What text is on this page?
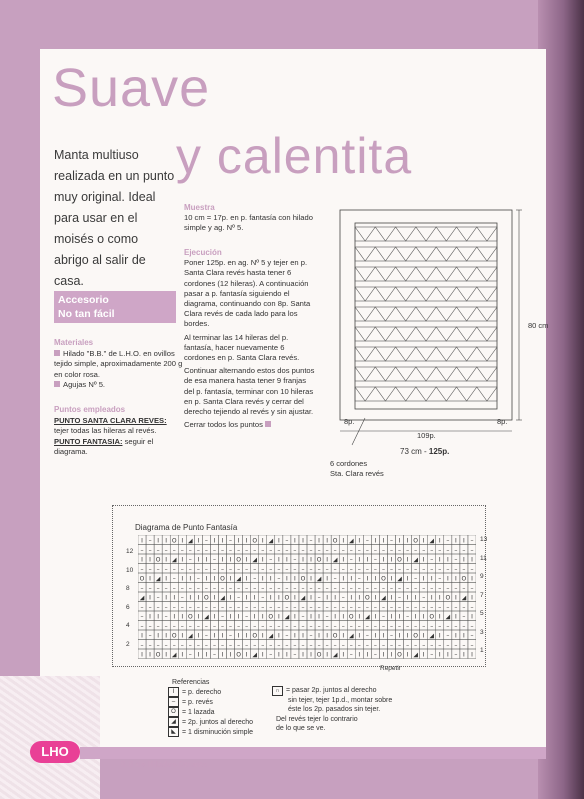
Suave
y calentita
Manta multiuso realizada en un punto muy original. Ideal para usar en el moisés o como abrigo al salir de casa.
Accesorio
No tan fácil
Materiales
Hilado "B.B." de L.H.O. en ovillos tejido simple, aproximadamente 200 g en color rosa.
Agujas Nº 5.
Puntos empleados
PUNTO SANTA CLARA REVES:
tejer todas las hileras al revés.
PUNTO FANTASIA: seguir el diagrama.
Muestra

10 cm = 17p. en p. fantasía con hilado simple y ag. Nº 5.

Ejecución

Poner 125p. en ag. Nº 5 y tejer en p. Santa Clara revés hasta tener 6 cordones (12 hileras). A continuación pasar a p. fantasía siguiendo el diagrama, continuando con 8p. Santa Clara revés de cada lado para los bordes.

Al terminar las 14 hileras del p. fantasía, hacer nuevamente 6 cordones en p. Santa Clara revés.

Continuar alternando estos dos puntos de esa manera hasta tener 9 franjas del p. fantasía, terminar con 10 hileras en p. Santa Clara revés y cerrar del derecho tejiendo al revés y sin ajustar.

Cerrar todos los puntos

80 cm
8p.	8p.
109p.
73 cm - 125p.
6 cordones
Sta. Clara revés
Diagrama de Punto Fantasía
I – I I O I ◢ I – I I – I I O I ◢ I – I I – I I O I ◢ I – I I – I I O I ◢ I – I I –
– – – – – – – – – – – – – – – – – – – – – – – – – – – – – – – – – – – – – – – – – –
I I O I ◢ I – I I – I I O I ◢ I – I I – I I O I ◢ I – I I – I I O I ◢ I – I I – I I
– – – – – – – – – – – – – – – – – – – – – – – – – – – – – – – – – – – – – – – – – –
O I ◢ I – I I – I I O I ◢ I – I I – I I O I ◢ I – I I – I I O I ◢ I – I I – I I O I
– – – – – – – – – – – – – – – – – – – – – – – – – – – – – – – – – – – – – – – – – –
◢ I – I I – I I O I ◢ I – I I – I I O I ◢ I – I I – I I O I ◢ I – I I – I I O I ◢ I
– – – – – – – – – – – – – – – – – – – – – – – – – – – – – – – – – – – – – – – – – –
– I I – I I O I ◢ I – I I – I I O I ◢ I – I I – I I O I ◢ I – I I – I I O I ◢ I – I
– – – – – – – – – – – – – – – – – – – – – – – – – – – – – – – – – – – – – – – – – –
I – I I O I ◢ I – I I – I I O I ◢ I – I I – I I O I ◢ I – I I – I I O I ◢ I – I I –
– – – – – – – – – – – – – – – – – – – – – – – – – – – – – – – – – – – – – – – – – –
I I O I ◢ I – I I – I I O I ◢ I – I I – I I O I ◢ I – I I – I I O I ◢ I – I I – I I
12
10
8
6
4
2
13
11
9
7
5
3
1
Repetir
Referencias
I	= p. derecho
– = p. revés
O = 1 lazada
◢ = 2p. juntos al derecho
◣ = 1 disminución simple
∩ = pasar 2p. juntos al derecho
sin tejer, tejer 1p.d., montar sobre
éste los 2p. pasados sin tejer.
Del revés tejer lo contrario
de lo que se ve.
LHO
B.B de Hilados Otranto.
